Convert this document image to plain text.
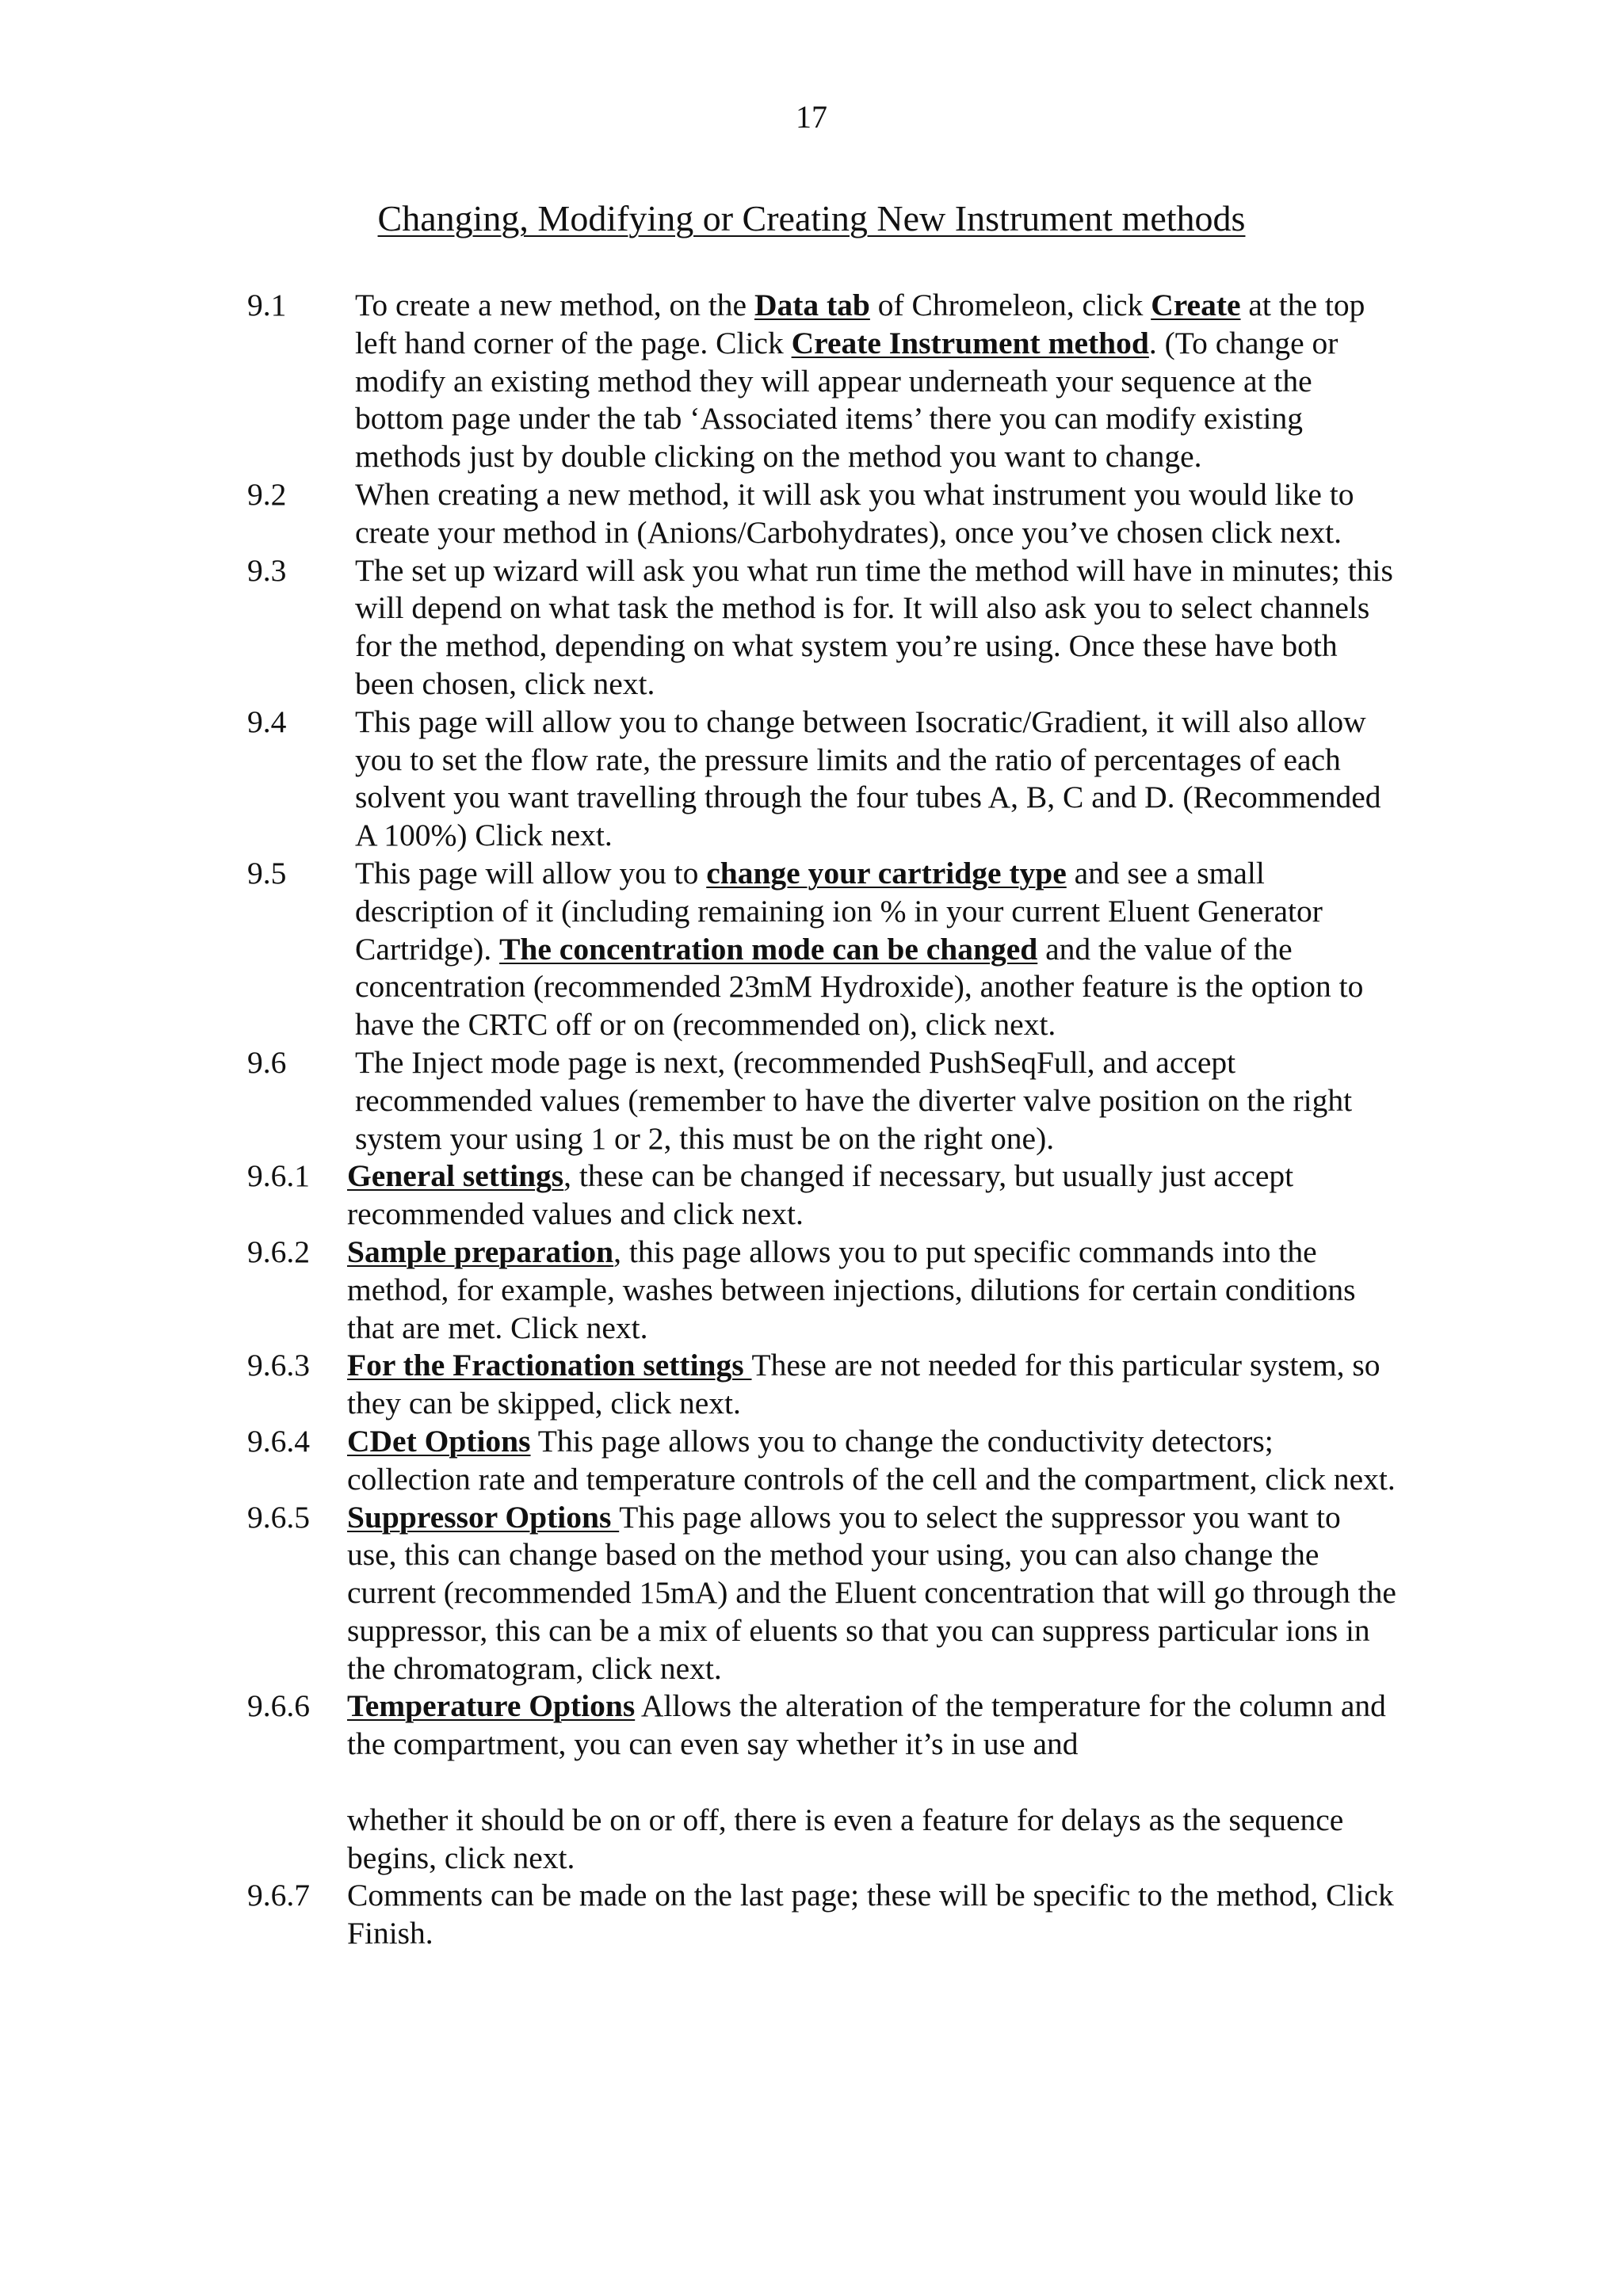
17
Changing, Modifying or Creating New Instrument methods
9.1	To create a new method, on the Data tab of Chromeleon, click Create at the top left hand corner of the page. Click Create Instrument method. (To change or modify an existing method they will appear underneath your sequence at the bottom page under the tab ‘Associated items’ there you can modify existing methods just by double clicking on the method you want to change.
9.2	When creating a new method, it will ask you what instrument you would like to create your method in (Anions/Carbohydrates), once you’ve chosen click next.
9.3	The set up wizard will ask you what run time the method will have in minutes; this will depend on what task the method is for. It will also ask you to select channels for the method, depending on what system you’re using. Once these have both been chosen, click next.
9.4	This page will allow you to change between Isocratic/Gradient, it will also allow you to set the flow rate, the pressure limits and the ratio of percentages of each solvent you want travelling through the four tubes A, B, C and D. (Recommended A 100%) Click next.
9.5	This page will allow you to change your cartridge type and see a small description of it (including remaining ion % in your current Eluent Generator Cartridge). The concentration mode can be changed and the value of the concentration (recommended 23mM Hydroxide), another feature is the option to have the CRTC off or on (recommended on), click next.
9.6	The Inject mode page is next, (recommended PushSeqFull, and accept recommended values (remember to have the diverter valve position on the right system your using 1 or 2, this must be on the right one).
9.6.1	General settings, these can be changed if necessary, but usually just accept recommended values and click next.
9.6.2	Sample preparation, this page allows you to put specific commands into the method, for example, washes between injections, dilutions for certain conditions that are met. Click next.
9.6.3	For the Fractionation settings These are not needed for this particular system, so they can be skipped, click next.
9.6.4	CDet Options This page allows you to change the conductivity detectors; collection rate and temperature controls of the cell and the compartment, click next.
9.6.5	Suppressor Options This page allows you to select the suppressor you want to use, this can change based on the method your using, you can also change the current (recommended 15mA) and the Eluent concentration that will go through the suppressor, this can be a mix of eluents so that you can suppress particular ions in the chromatogram, click next.
9.6.6	Temperature Options Allows the alteration of the temperature for the column and the compartment, you can even say whether it’s in use and
whether it should be on or off, there is even a feature for delays as the sequence begins, click next.
9.6.7	Comments can be made on the last page; these will be specific to the method, Click Finish.
